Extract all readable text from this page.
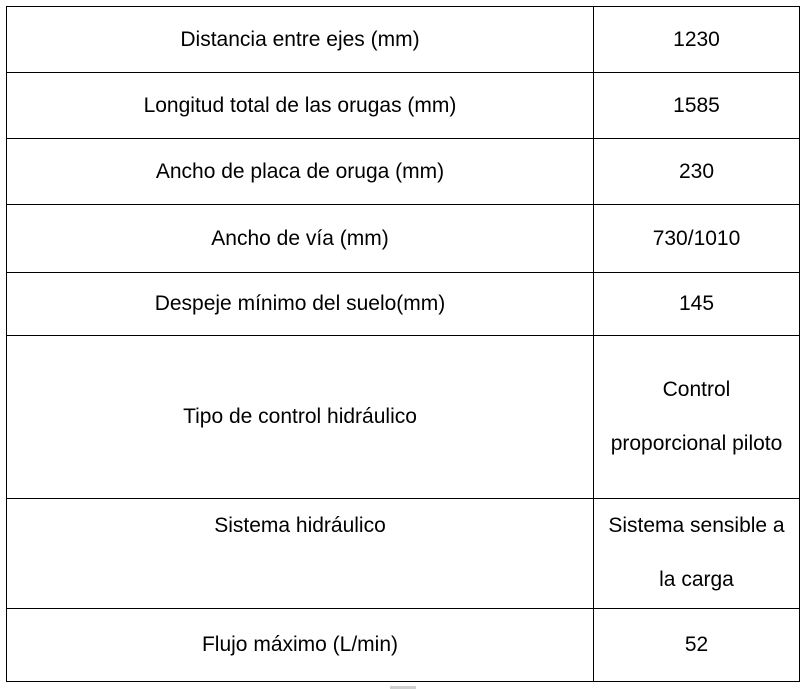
Distancia entre ejes (mm)	1230
Longitud total de las orugas (mm)	1585
Ancho de placa de oruga (mm)	230
Ancho de vía (mm)	730/1010
Despeje mínimo del suelo(mm)	145
Tipo de control hidráulico	Control proporcional piloto
Sistema hidráulico	Sistema sensible a la carga
Flujo máximo (L/min)	52
